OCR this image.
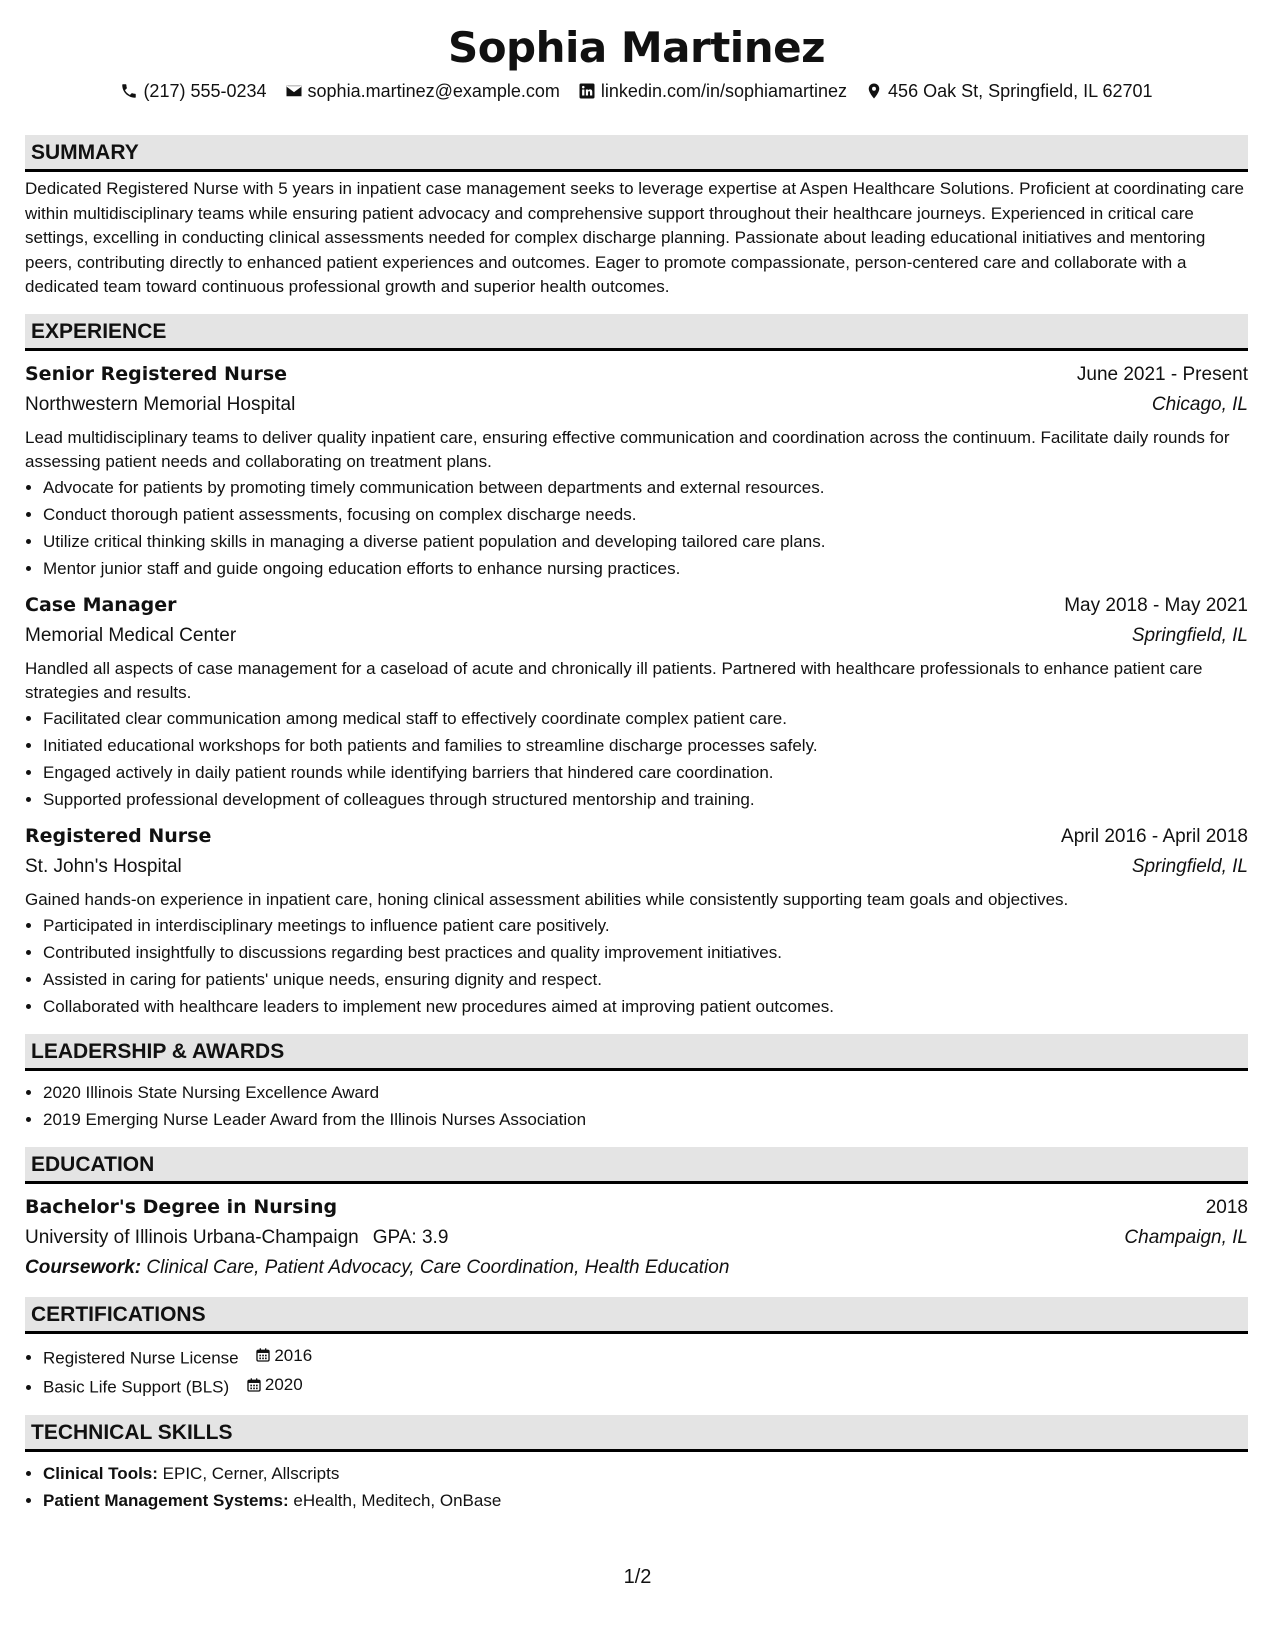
Sophia Martinez
(217) 555-0234 sophia.martinez@example.com linkedin.com/in/sophiamartinez 456 Oak St, Springfield, IL 62701
SUMMARY
Dedicated Registered Nurse with 5 years in inpatient case management seeks to leverage expertise at Aspen Healthcare Solutions. Proficient at coordinating care within multidisciplinary teams while ensuring patient advocacy and comprehensive support throughout their healthcare journeys. Experienced in critical care settings, excelling in conducting clinical assessments needed for complex discharge planning. Passionate about leading educational initiatives and mentoring peers, contributing directly to enhanced patient experiences and outcomes. Eager to promote compassionate, person-centered care and collaborate with a dedicated team toward continuous professional growth and superior health outcomes.
EXPERIENCE
Senior Registered Nurse	June 2021 - Present
Northwestern Memorial Hospital	Chicago, IL
Lead multidisciplinary teams to deliver quality inpatient care, ensuring effective communication and coordination across the continuum. Facilitate daily rounds for assessing patient needs and collaborating on treatment plans.
• Advocate for patients by promoting timely communication between departments and external resources.
• Conduct thorough patient assessments, focusing on complex discharge needs.
• Utilize critical thinking skills in managing a diverse patient population and developing tailored care plans.
• Mentor junior staff and guide ongoing education efforts to enhance nursing practices.
Case Manager	May 2018 - May 2021
Memorial Medical Center	Springfield, IL
Handled all aspects of case management for a caseload of acute and chronically ill patients. Partnered with healthcare professionals to enhance patient care strategies and results.
• Facilitated clear communication among medical staff to effectively coordinate complex patient care.
• Initiated educational workshops for both patients and families to streamline discharge processes safely.
• Engaged actively in daily patient rounds while identifying barriers that hindered care coordination.
• Supported professional development of colleagues through structured mentorship and training.
Registered Nurse	April 2016 - April 2018
St. John's Hospital	Springfield, IL
Gained hands-on experience in inpatient care, honing clinical assessment abilities while consistently supporting team goals and objectives.
• Participated in interdisciplinary meetings to influence patient care positively.
• Contributed insightfully to discussions regarding best practices and quality improvement initiatives.
• Assisted in caring for patients' unique needs, ensuring dignity and respect.
• Collaborated with healthcare leaders to implement new procedures aimed at improving patient outcomes.
LEADERSHIP & AWARDS
• 2020 Illinois State Nursing Excellence Award
• 2019 Emerging Nurse Leader Award from the Illinois Nurses Association
EDUCATION
Bachelor's Degree in Nursing	2018
University of Illinois Urbana-Champaign GPA: 3.9	Champaign, IL
Coursework: Clinical Care, Patient Advocacy, Care Coordination, Health Education
CERTIFICATIONS
• Registered Nurse License 2016
• Basic Life Support (BLS) 2020
TECHNICAL SKILLS
• Clinical Tools: EPIC, Cerner, Allscripts
• Patient Management Systems: eHealth, Meditech, OnBase
1/2
